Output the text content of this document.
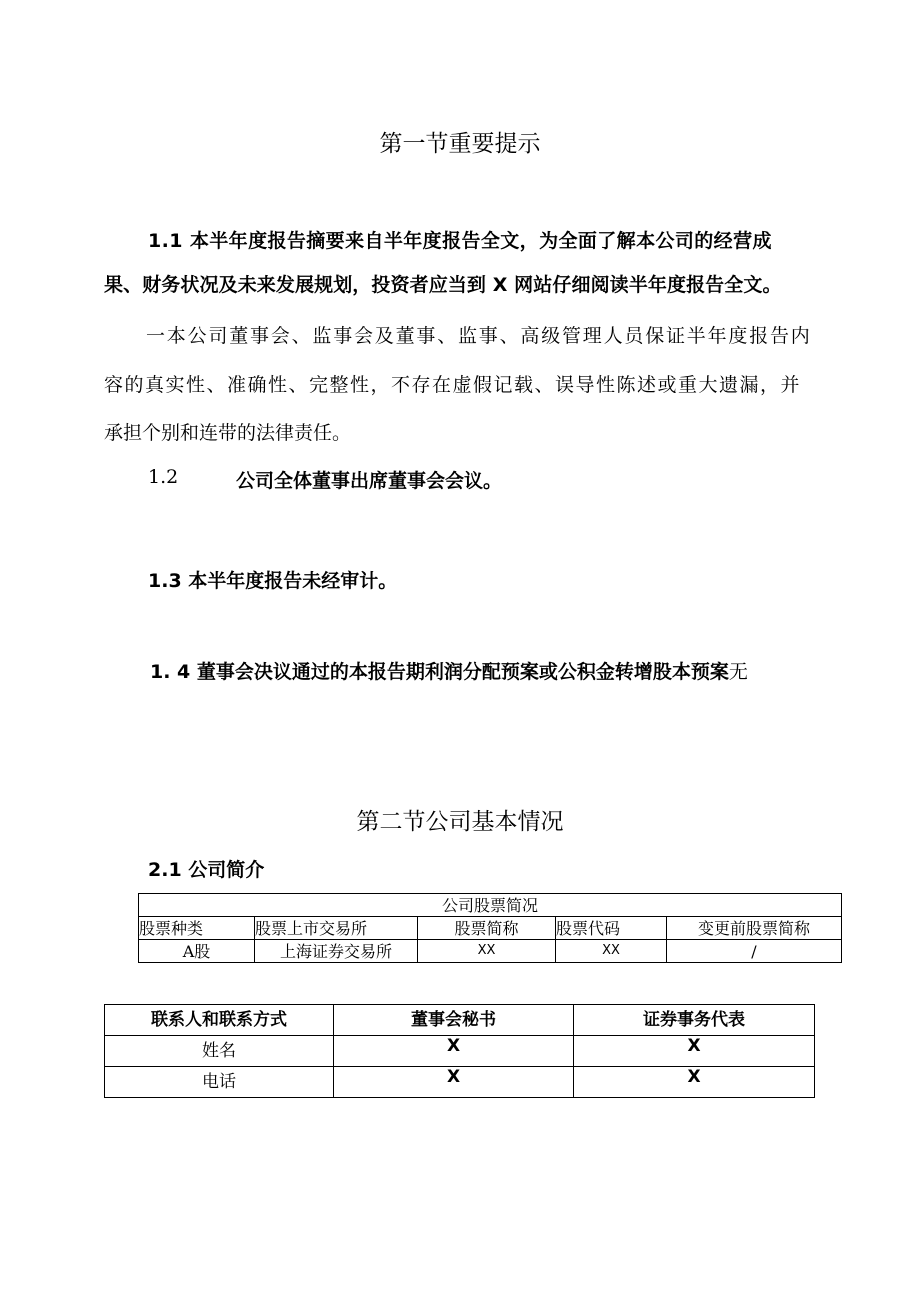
第一节重要提示
1.1 本半年度报告摘要来自半年度报告全文，为全面了解本公司的经营成
果、财务状况及未来发展规划，投资者应当到 X 网站仔细阅读半年度报告全文。
一本公司董事会、监事会及董事、监事、高级管理人员保证半年度报告内
容的真实性、准确性、完整性，不存在虚假记载、误导性陈述或重大遗漏，并
承担个别和连带的法律责任。
1.2	公司全体董事出席董事会会议。
1.3 本半年度报告未经审计。
1. 4 董事会决议通过的本报告期利润分配预案或公积金转增股本预案无
第二节公司基本情况
2.1 公司简介
公司股票简况				
股票种类	股票上市交易所	股票简称	股票代码	变更前股票简称
A股	上海证券交易所	XX	XX	/
联系人和联系方式	董事会秘书	证券事务代表
姓名	X	X
电话	X	X
